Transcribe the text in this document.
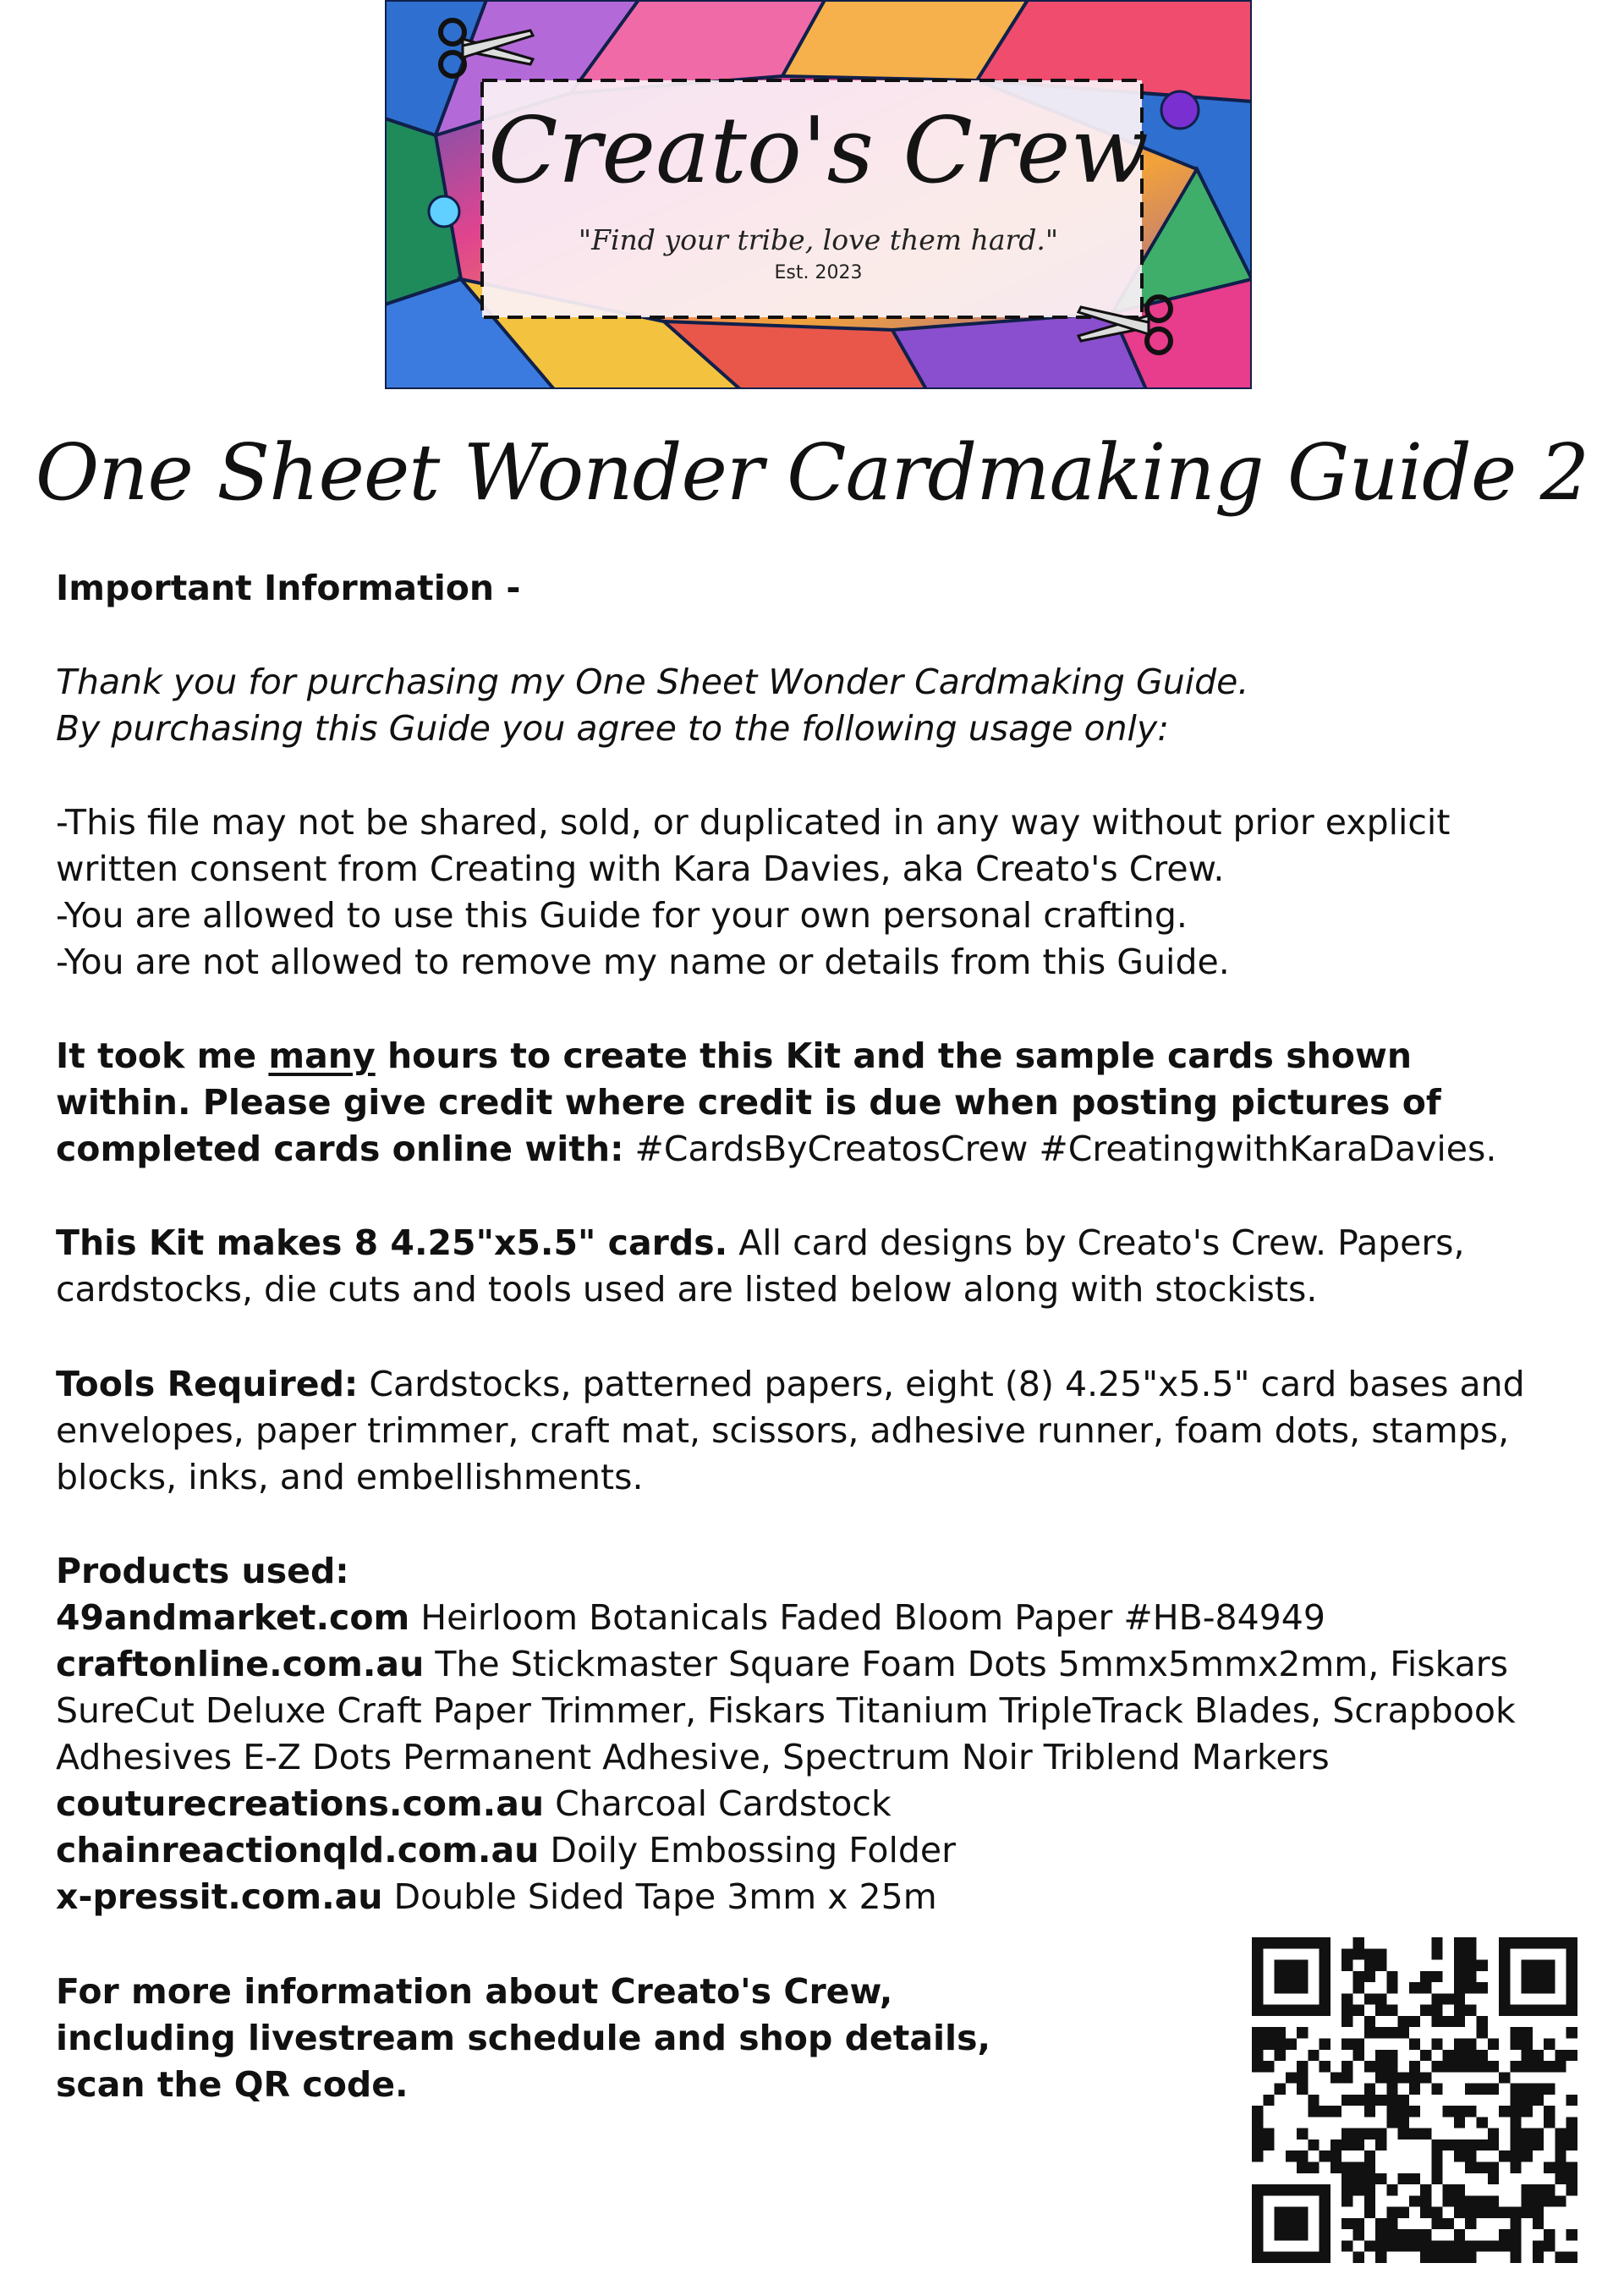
Creato's Crew
"Find your tribe, love them hard."
Est. 2023
One Sheet Wonder Cardmaking Guide 2
Important Information -
Thank you for purchasing my One Sheet Wonder Cardmaking Guide.
By purchasing this Guide you agree to the following usage only:
-This file may not be shared, sold, or duplicated in any way without prior explicit
written consent from Creating with Kara Davies, aka Creato's Crew.
-You are allowed to use this Guide for your own personal crafting.
-You are not allowed to remove my name or details from this Guide.
It took me many hours to create this Kit and the sample cards shown
within. Please give credit where credit is due when posting pictures of
completed cards online with: #CardsByCreatosCrew #CreatingwithKaraDavies.
This Kit makes 8 4.25"x5.5" cards. All card designs by Creato's Crew. Papers,
cardstocks, die cuts and tools used are listed below along with stockists.
Tools Required: Cardstocks, patterned papers, eight (8) 4.25"x5.5" card bases and
envelopes, paper trimmer, craft mat, scissors, adhesive runner, foam dots, stamps,
blocks, inks, and embellishments.
Products used:
49andmarket.com Heirloom Botanicals Faded Bloom Paper #HB-84949
craftonline.com.au The Stickmaster Square Foam Dots 5mmx5mmx2mm, Fiskars
SureCut Deluxe Craft Paper Trimmer, Fiskars Titanium TripleTrack Blades, Scrapbook
Adhesives E-Z Dots Permanent Adhesive, Spectrum Noir Triblend Markers
couturecreations.com.au Charcoal Cardstock
chainreactionqld.com.au Doily Embossing Folder
x-pressit.com.au Double Sided Tape 3mm x 25m
For more information about Creato's Crew,
including livestream schedule and shop details,
scan the QR code.
